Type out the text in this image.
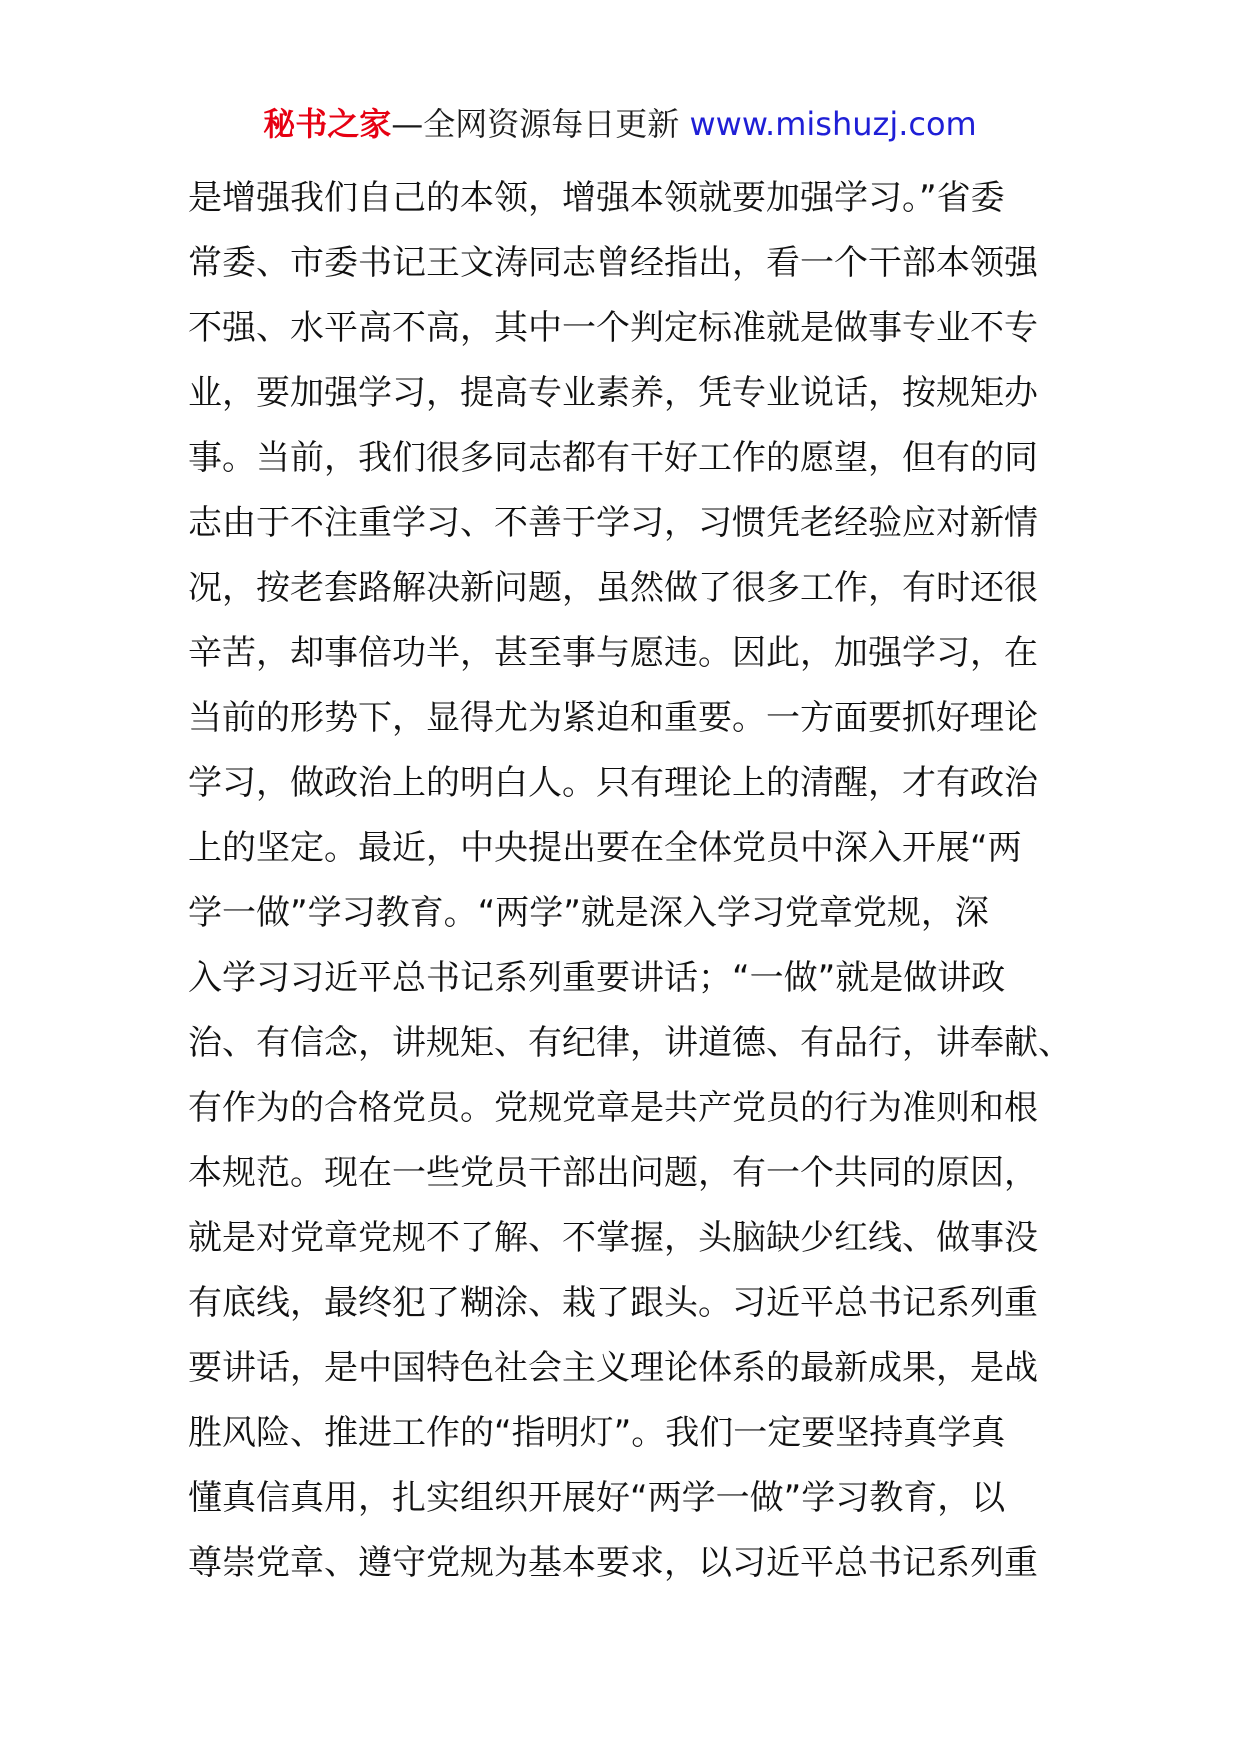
秘书之家—全网资源每日更新 www.mishuzj.com
是增强我们自己的本领，增强本领就要加强学习。”省委
常委、市委书记王文涛同志曾经指出，看一个干部本领强
不强、水平高不高，其中一个判定标准就是做事专业不专
业，要加强学习，提高专业素养，凭专业说话，按规矩办
事。当前，我们很多同志都有干好工作的愿望，但有的同
志由于不注重学习、不善于学习，习惯凭老经验应对新情
况，按老套路解决新问题，虽然做了很多工作，有时还很
辛苦，却事倍功半，甚至事与愿违。因此，加强学习，在
当前的形势下，显得尤为紧迫和重要。一方面要抓好理论
学习，做政治上的明白人。只有理论上的清醒，才有政治
上的坚定。最近，中央提出要在全体党员中深入开展“两
学一做”学习教育。“两学”就是深入学习党章党规，深
入学习习近平总书记系列重要讲话；“一做”就是做讲政
治、有信念，讲规矩、有纪律，讲道德、有品行，讲奉献、
有作为的合格党员。党规党章是共产党员的行为准则和根
本规范。现在一些党员干部出问题，有一个共同的原因，
就是对党章党规不了解、不掌握，头脑缺少红线、做事没
有底线，最终犯了糊涂、栽了跟头。习近平总书记系列重
要讲话，是中国特色社会主义理论体系的最新成果，是战
胜风险、推进工作的“指明灯”。我们一定要坚持真学真
懂真信真用，扎实组织开展好“两学一做”学习教育，以
尊崇党章、遵守党规为基本要求，以习近平总书记系列重
